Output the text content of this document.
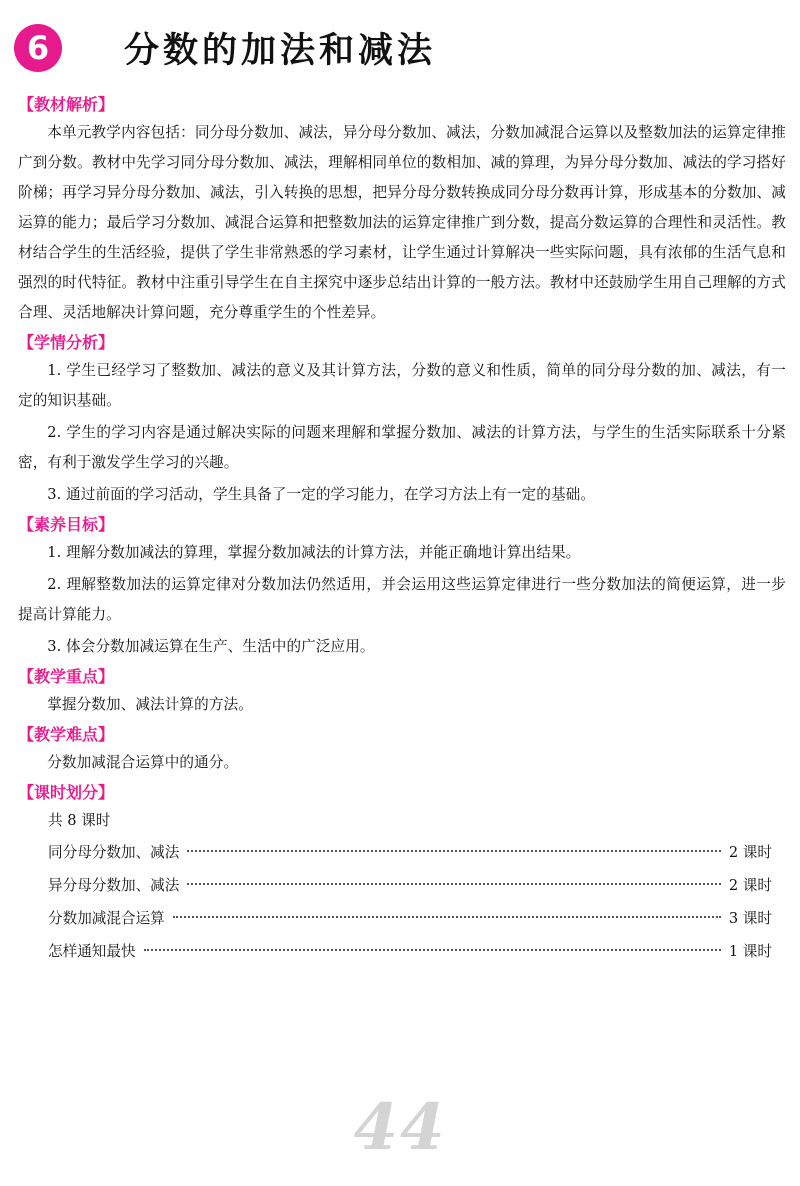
6	分数的加法和减法

【教材解析】

本单元教学内容包括：同分母分数加、减法，异分母分数加、减法，分数加减混合运算以及整数加法的运算定律推广到分数。教材中先学习同分母分数加、减法，理解相同单位的数相加、减的算理，为异分母分数加、减法的学习搭好阶梯；再学习异分母分数加、减法，引入转换的思想，把异分母分数转换成同分母分数再计算，形成基本的分数加、减运算的能力；最后学习分数加、减混合运算和把整数加法的运算定律推广到分数，提高分数运算的合理性和灵活性。教材结合学生的生活经验，提供了学生非常熟悉的学习素材，让学生通过计算解决一些实际问题，具有浓郁的生活气息和强烈的时代特征。教材中注重引导学生在自主探究中逐步总结出计算的一般方法。教材中还鼓励学生用自己理解的方式合理、灵活地解决计算问题，充分尊重学生的个性差异。

【学情分析】

1. 学生已经学习了整数加、减法的意义及其计算方法，分数的意义和性质，简单的同分母分数的加、减法，有一定的知识基础。

2. 学生的学习内容是通过解决实际的问题来理解和掌握分数加、减法的计算方法，与学生的生活实际联系十分紧密，有利于激发学生学习的兴趣。

3. 通过前面的学习活动，学生具备了一定的学习能力，在学习方法上有一定的基础。

【素养目标】

1. 理解分数加减法的算理，掌握分数加减法的计算方法，并能正确地计算出结果。

2. 理解整数加法的运算定律对分数加法仍然适用，并会运用这些运算定律进行一些分数加法的简便运算，进一步提高计算能力。

3. 体会分数加减运算在生产、生活中的广泛应用。

【教学重点】

掌握分数加、减法计算的方法。

【教学难点】

分数加减混合运算中的通分。

【课时划分】

共 8 课时

同分母分数加、减法	2 课时
异分母分数加、减法	2 课时
分数加减混合运算	3 课时
怎样通知最快	1 课时
44
